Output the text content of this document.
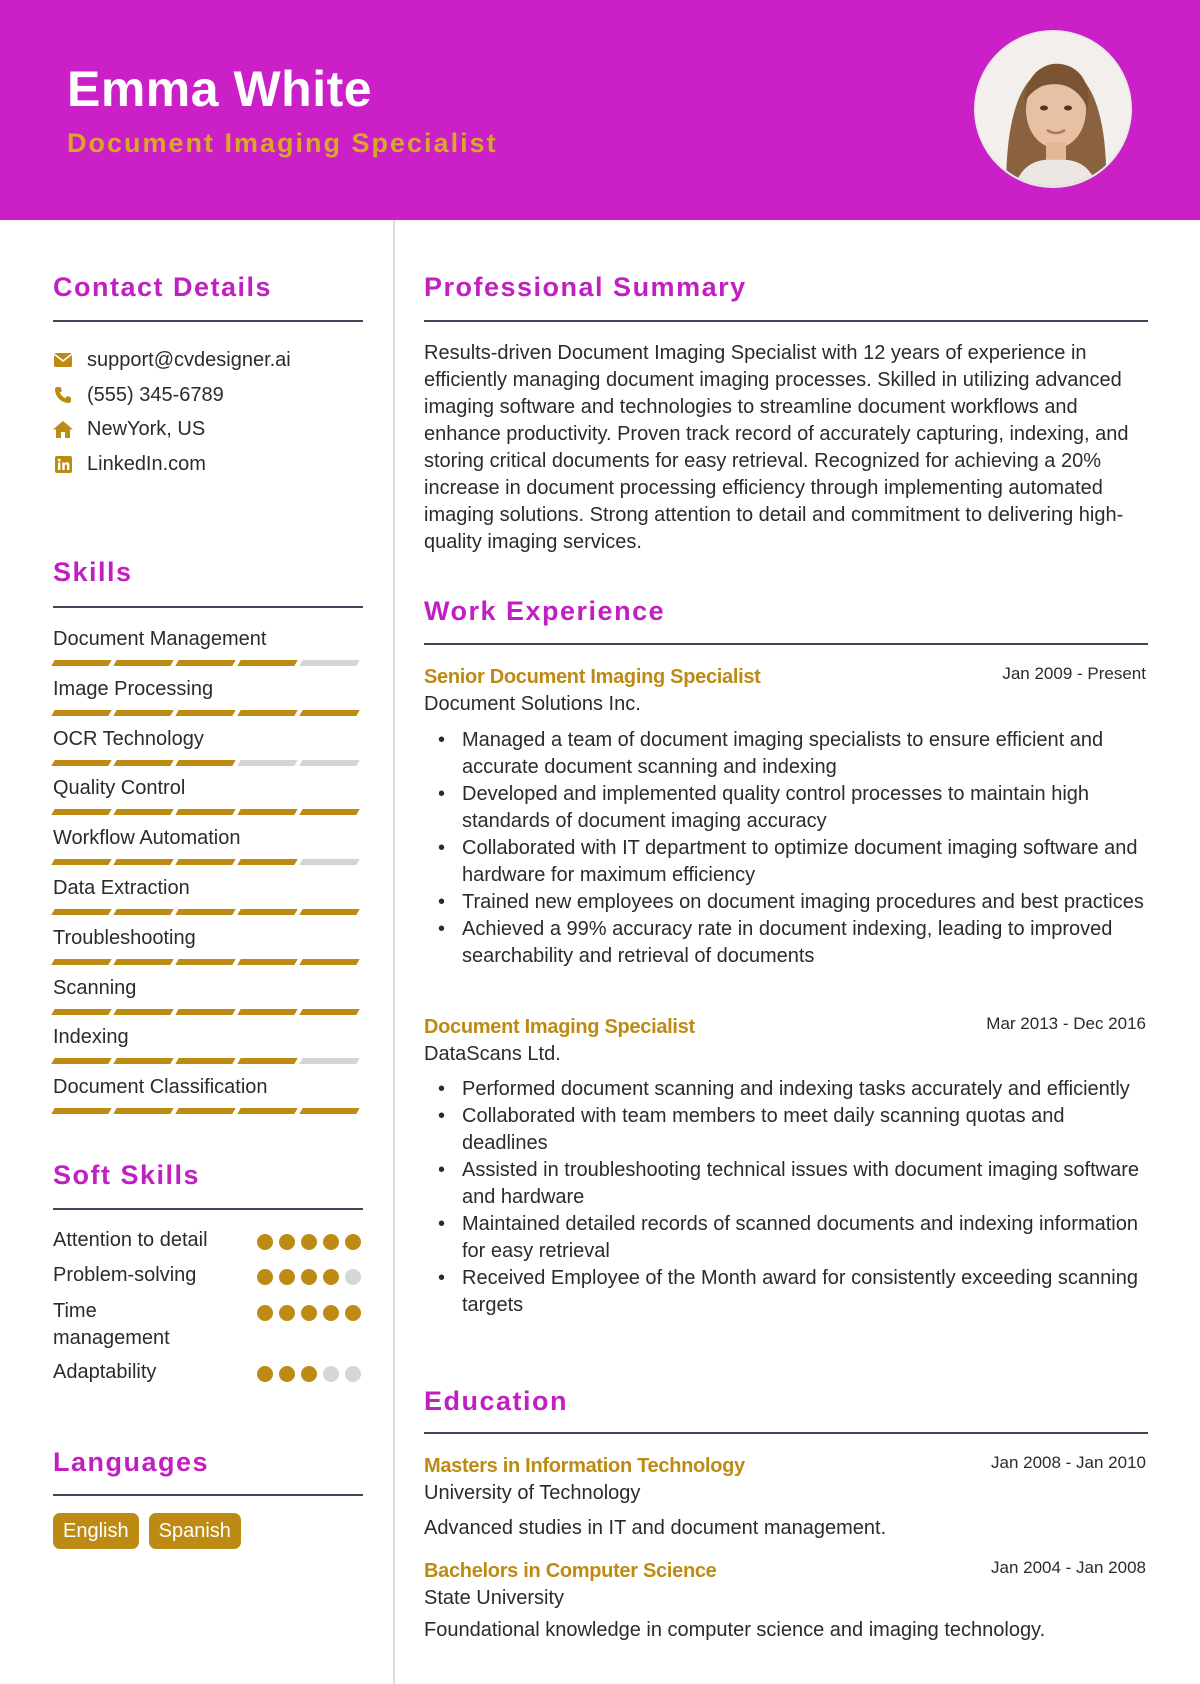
Emma White
Document Imaging Specialist
Contact Details
support@cvdesigner.ai
(555) 345-6789
NewYork, US
LinkedIn.com
Skills
Document Management
Image Processing
OCR Technology
Quality Control
Workflow Automation
Data Extraction
Troubleshooting
Scanning
Indexing
Document Classification
Soft Skills
Attention to detail
Problem-solving
Time management
Adaptability
Languages
English	Spanish
Professional Summary
Results-driven Document Imaging Specialist with 12 years of experience in efficiently managing document imaging processes. Skilled in utilizing advanced imaging software and technologies to streamline document workflows and enhance productivity. Proven track record of accurately capturing, indexing, and storing critical documents for easy retrieval. Recognized for achieving a 20% increase in document processing efficiency through implementing automated imaging solutions. Strong attention to detail and commitment to delivering high-quality imaging services.
Work Experience
Senior Document Imaging Specialist	Jan 2009 - Present
Document Solutions Inc.
• Managed a team of document imaging specialists to ensure efficient and accurate document scanning and indexing
• Developed and implemented quality control processes to maintain high standards of document imaging accuracy
• Collaborated with IT department to optimize document imaging software and hardware for maximum efficiency
• Trained new employees on document imaging procedures and best practices
• Achieved a 99% accuracy rate in document indexing, leading to improved searchability and retrieval of documents
Document Imaging Specialist	Mar 2013 - Dec 2016
DataScans Ltd.
• Performed document scanning and indexing tasks accurately and efficiently
• Collaborated with team members to meet daily scanning quotas and deadlines
• Assisted in troubleshooting technical issues with document imaging software and hardware
• Maintained detailed records of scanned documents and indexing information for easy retrieval
• Received Employee of the Month award for consistently exceeding scanning targets
Education
Masters in Information Technology	Jan 2008 - Jan 2010
University of Technology
Advanced studies in IT and document management.
Bachelors in Computer Science	Jan 2004 - Jan 2008
State University
Foundational knowledge in computer science and imaging technology.
